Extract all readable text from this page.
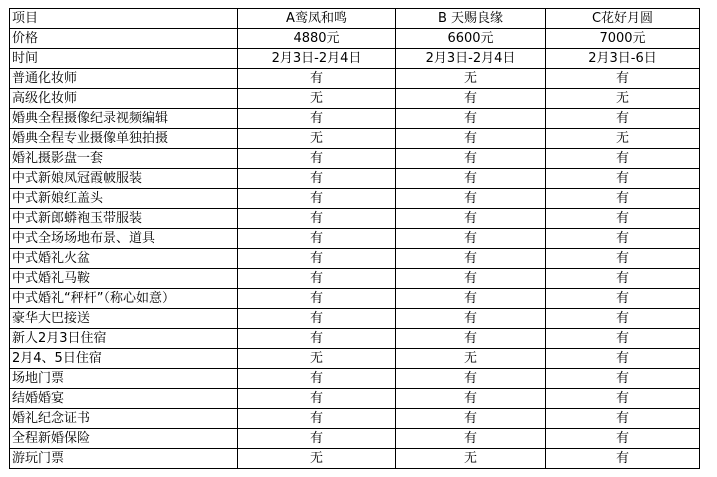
项目	A鸾凤和鸣	B 天赐良缘	C花好月圆
价格	4880元	6600元	7000元
时间	2月3日-2月4日	2月3日-2月4日	2月3日-6日
普通化妆师	有	无	有
高级化妆师	无	有	无
婚典全程摄像纪录视频编辑	有	有	有
婚典全程专业摄像单独拍摄	无	有	无
婚礼摄影盘一套	有	有	有
中式新娘凤冠霞帔服装	有	有	有
中式新娘红盖头	有	有	有
中式新郎蟒袍玉带服装	有	有	有
中式全场场地布景、道具	有	有	有
中式婚礼火盆	有	有	有
中式婚礼马鞍	有	有	有
中式婚礼“秤杆”（称心如意）	有	有	有
豪华大巴接送	有	有	有
新人2月3日住宿	有	有	有
2月4、5日住宿	无	无	有
场地门票	有	有	有
结婚婚宴	有	有	有
婚礼纪念证书	有	有	有
全程新婚保险	有	有	有
游玩门票	无	无	有
